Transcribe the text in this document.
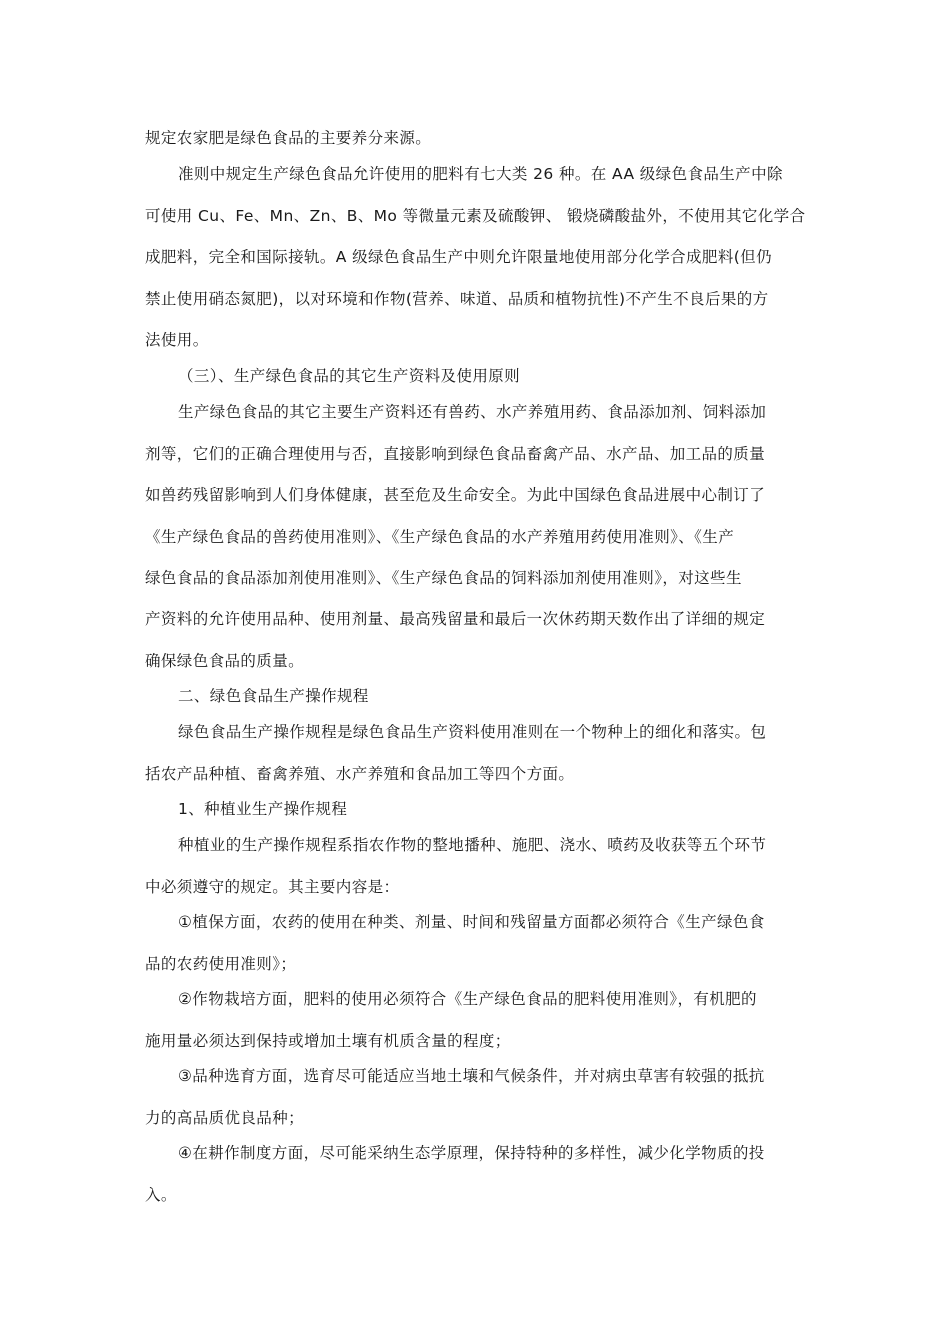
规定农家肥是绿色食品的主要养分来源。
准则中规定生产绿色食品允许使用的肥料有七大类 26 种。在 AA 级绿色食品生产中除
可使用 Cu、Fe、Mn、Zn、B、Mo 等微量元素及硫酸钾、 锻烧磷酸盐外，不使用其它化学合
成肥料，完全和国际接轨。A 级绿色食品生产中则允许限量地使用部分化学合成肥料(但仍
禁止使用硝态氮肥)，以对环境和作物(营养、味道、品质和植物抗性)不产生不良后果的方
法使用。
（三）、生产绿色食品的其它生产资料及使用原则
生产绿色食品的其它主要生产资料还有兽药、水产养殖用药、食品添加剂、饲料添加
剂等，它们的正确合理使用与否，直接影响到绿色食品畜禽产品、水产品、加工品的质量
如兽药残留影响到人们身体健康，甚至危及生命安全。为此中国绿色食品进展中心制订了
《生产绿色食品的兽药使用准则》、《生产绿色食品的水产养殖用药使用准则》、《生产
绿色食品的食品添加剂使用准则》、《生产绿色食品的饲料添加剂使用准则》，对这些生
产资料的允许使用品种、使用剂量、最高残留量和最后一次休药期天数作出了详细的规定
确保绿色食品的质量。
二、绿色食品生产操作规程
绿色食品生产操作规程是绿色食品生产资料使用准则在一个物种上的细化和落实。包
括农产品种植、畜禽养殖、水产养殖和食品加工等四个方面。
1、种植业生产操作规程
种植业的生产操作规程系指农作物的整地播种、施肥、浇水、喷药及收获等五个环节
中必须遵守的规定。其主要内容是：
①植保方面，农药的使用在种类、剂量、时间和残留量方面都必须符合《生产绿色食
品的农药使用准则》；
②作物栽培方面，肥料的使用必须符合《生产绿色食品的肥料使用准则》，有机肥的
施用量必须达到保持或增加土壤有机质含量的程度；
③品种选育方面，选育尽可能适应当地土壤和气候条件，并对病虫草害有较强的抵抗
力的高品质优良品种；
④在耕作制度方面，尽可能采纳生态学原理，保持特种的多样性，减少化学物质的投
入。
